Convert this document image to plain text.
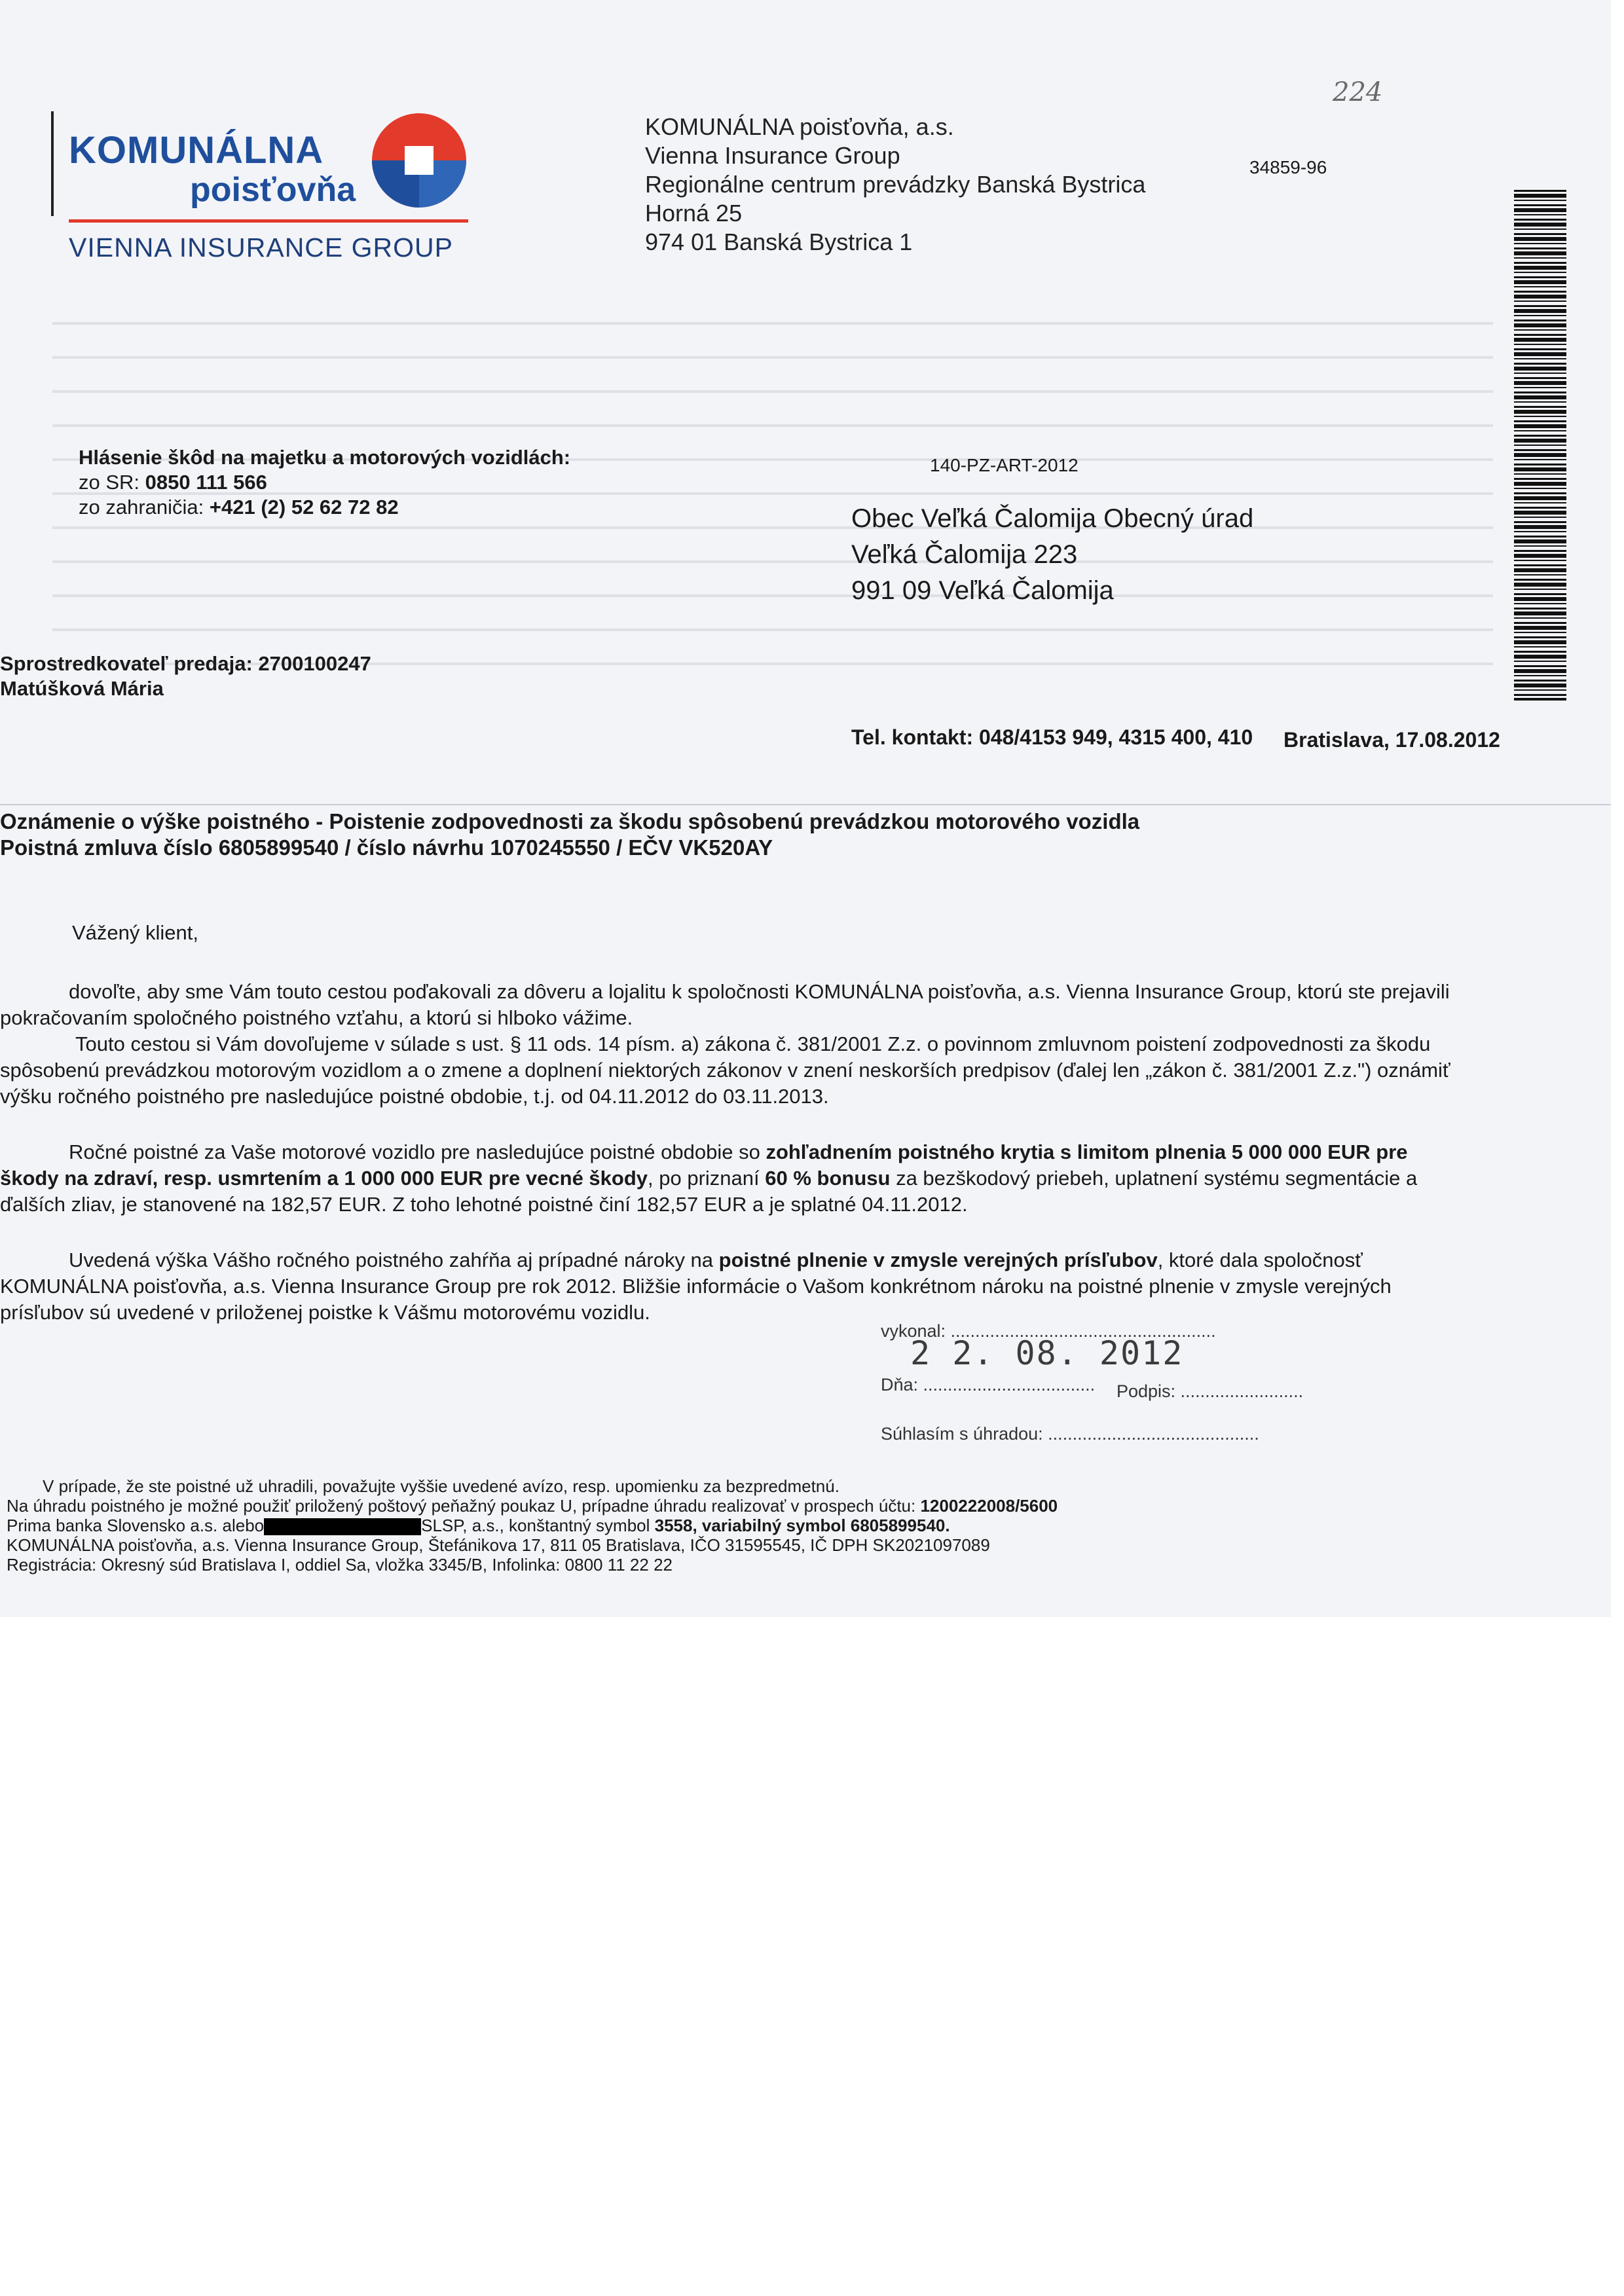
224
KOMUNÁLNA
poisťovňa
VIENNA INSURANCE GROUP
KOMUNÁLNA poisťovňa, a.s.
Vienna Insurance Group
Regionálne centrum prevádzky Banská Bystrica
Horná 25
974 01 Banská Bystrica 1
34859-96
Hlásenie škôd na majetku a motorových vozidlách:
zo SR: 0850 111 566
zo zahraničia: +421 (2) 52 62 72 82
140-PZ-ART-2012
Obec Veľká Čalomija Obecný úrad
Veľká Čalomija 223
991 09 Veľká Čalomija
Sprostredkovateľ predaja: 2700100247
Matúšková Mária
Tel. kontakt: 048/4153 949, 4315 400, 410 Bratislava, 17.08.2012
Oznámenie o výške poistného - Poistenie zodpovednosti za škodu spôsobenú prevádzkou motorového vozidla
Poistná zmluva číslo 6805899540 / číslo návrhu 1070245550 / EČV VK520AY
Vážený klient,
dovoľte, aby sme Vám touto cestou poďakovali za dôveru a lojalitu k spoločnosti KOMUNÁLNA poisťovňa, a.s. Vienna Insurance Group, ktorú ste prejavili
pokračovaním spoločného poistného vzťahu, a ktorú si hlboko vážime.
Touto cestou si Vám dovoľujeme v súlade s ust. § 11 ods. 14 písm. a) zákona č. 381/2001 Z.z. o povinnom zmluvnom poistení zodpovednosti za škodu
spôsobenú prevádzkou motorovým vozidlom a o zmene a doplnení niektorých zákonov v znení neskorších predpisov (ďalej len „zákon č. 381/2001 Z.z.") oznámiť
výšku ročného poistného pre nasledujúce poistné obdobie, t.j. od 04.11.2012 do 03.11.2013.
Ročné poistné za Vaše motorové vozidlo pre nasledujúce poistné obdobie so zohľadnením poistného krytia s limitom plnenia 5 000 000 EUR pre
škody na zdraví, resp. usmrtením a 1 000 000 EUR pre vecné škody, po priznaní 60 % bonusu za bezškodový priebeh, uplatnení systému segmentácie a
ďalších zliav, je stanovené na 182,57 EUR. Z toho lehotné poistné činí 182,57 EUR a je splatné 04.11.2012.
Uvedená výška Vášho ročného poistného zahŕňa aj prípadné nároky na poistné plnenie v zmysle verejných prísľubov, ktoré dala spoločnosť
KOMUNÁLNA poisťovňa, a.s. Vienna Insurance Group pre rok 2012. Bližšie informácie o Vašom konkrétnom nároku na poistné plnenie v zmysle verejných
prísľubov sú uvedené v priloženej poistke k Vášmu motorovému vozidlu.
vykonal: ......................................................
2 2. 08. 2012
Dňa: ................................... Podpis: .........................
Súhlasím s úhradou: ...........................................
V prípade, že ste poistné už uhradili, považujte vyššie uvedené avízo, resp. upomienku za bezpredmetnú.
Na úhradu poistného je možné použiť priložený poštový peňažný poukaz U, prípadne úhradu realizovať v prospech účtu: 1200222008/5600
Prima banka Slovensko a.s. alebo	SLSP, a.s., konštantný symbol 3558, variabilný symbol 6805899540.
KOMUNÁLNA poisťovňa, a.s. Vienna Insurance Group, Štefánikova 17, 811 05 Bratislava, IČO 31595545, IČ DPH SK2021097089
Registrácia: Okresný súd Bratislava I, oddiel Sa, vložka 3345/B, Infolinka: 0800 11 22 22
